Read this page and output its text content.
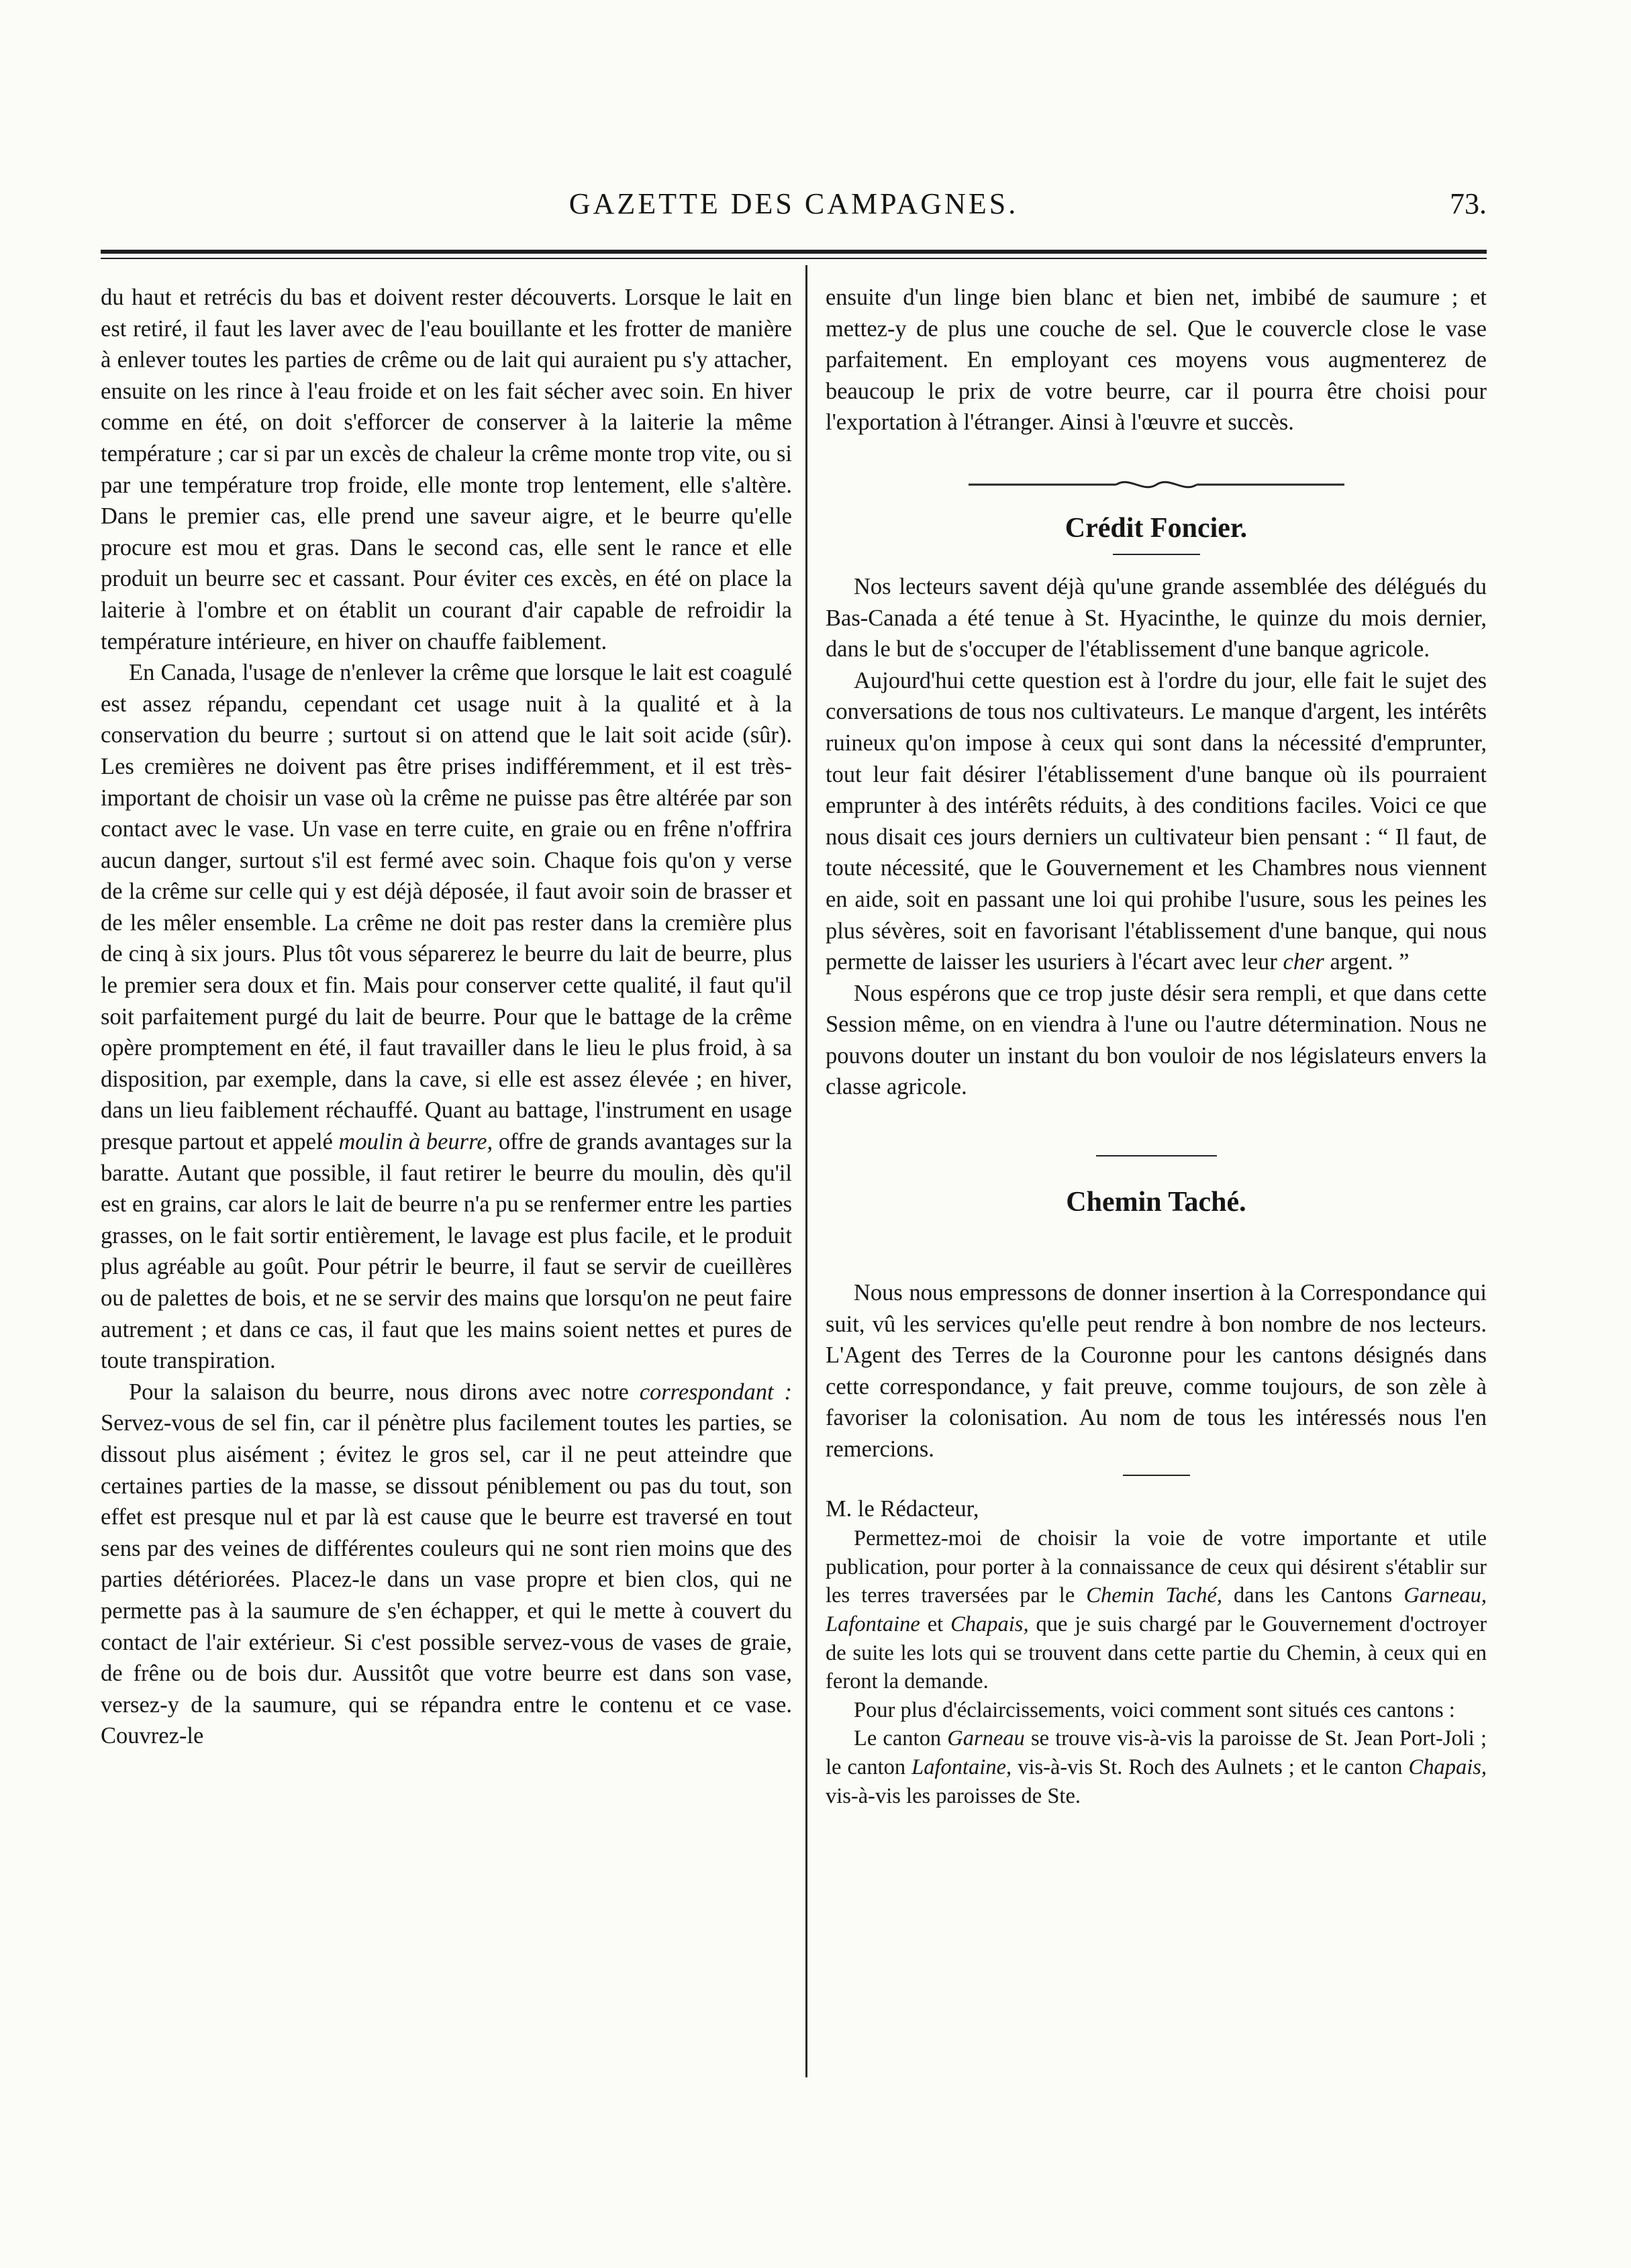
GAZETTE DES CAMPAGNES.	73.

du haut et retrécis du bas et doivent rester découverts. Lorsque le lait en est retiré, il faut les laver avec de l'eau bouillante et les frotter de manière à enlever toutes les parties de crême ou de lait qui auraient pu s'y attacher, ensuite on les rince à l'eau froide et on les fait sécher avec soin. En hiver comme en été, on doit s'efforcer de conserver à la laiterie la même température ; car si par un excès de chaleur la crême monte trop vite, ou si par une température trop froide, elle monte trop lentement, elle s'altère. Dans le premier cas, elle prend une saveur aigre, et le beurre qu'elle procure est mou et gras. Dans le second cas, elle sent le rance et elle produit un beurre sec et cassant. Pour éviter ces excès, en été on place la laiterie à l'ombre et on établit un courant d'air capable de refroidir la température intérieure, en hiver on chauffe faiblement.

En Canada, l'usage de n'enlever la crême que lorsque le lait est coagulé est assez répandu, cependant cet usage nuit à la qualité et à la conservation du beurre ; surtout si on attend que le lait soit acide (sûr). Les cremières ne doivent pas être prises indifféremment, et il est très-important de choisir un vase où la crême ne puisse pas être altérée par son contact avec le vase. Un vase en terre cuite, en graie ou en frêne n'offrira aucun danger, surtout s'il est fermé avec soin. Chaque fois qu'on y verse de la crême sur celle qui y est déjà déposée, il faut avoir soin de brasser et de les mêler ensemble. La crême ne doit pas rester dans la cremière plus de cinq à six jours. Plus tôt vous séparerez le beurre du lait de beurre, plus le premier sera doux et fin. Mais pour conserver cette qualité, il faut qu'il soit parfaitement purgé du lait de beurre. Pour que le battage de la crême opère promptement en été, il faut travailler dans le lieu le plus froid, à sa disposition, par exemple, dans la cave, si elle est assez élevée ; en hiver, dans un lieu faiblement réchauffé. Quant au battage, l'instrument en usage presque partout et appelé moulin à beurre, offre de grands avantages sur la baratte. Autant que possible, il faut retirer le beurre du moulin, dès qu'il est en grains, car alors le lait de beurre n'a pu se renfermer entre les parties grasses, on le fait sortir entièrement, le lavage est plus facile, et le produit plus agréable au goût. Pour pétrir le beurre, il faut se servir de cueillères ou de palettes de bois, et ne se servir des mains que lorsqu'on ne peut faire autrement ; et dans ce cas, il faut que les mains soient nettes et pures de toute transpiration.

Pour la salaison du beurre, nous dirons avec notre correspondant : Servez-vous de sel fin, car il pénètre plus facilement toutes les parties, se dissout plus aisément ; évitez le gros sel, car il ne peut atteindre que certaines parties de la masse, se dissout péniblement ou pas du tout, son effet est presque nul et par là est cause que le beurre est traversé en tout sens par des veines de différentes couleurs qui ne sont rien moins que des parties détériorées. Placez-le dans un vase propre et bien clos, qui ne permette pas à la saumure de s'en échapper, et qui le mette à couvert du contact de l'air extérieur. Si c'est possible servez-vous de vases de graie, de frêne ou de bois dur. Aussitôt que votre beurre est dans son vase, versez-y de la saumure, qui se répandra entre le contenu et ce vase. Couvrez-le

ensuite d'un linge bien blanc et bien net, imbibé de saumure ; et mettez-y de plus une couche de sel. Que le couvercle close le vase parfaitement. En employant ces moyens vous augmenterez de beaucoup le prix de votre beurre, car il pourra être choisi pour l'exportation à l'étranger. Ainsi à l'œuvre et succès.

Crédit Foncier.

Nos lecteurs savent déjà qu'une grande assemblée des délégués du Bas-Canada a été tenue à St. Hyacinthe, le quinze du mois dernier, dans le but de s'occuper de l'établissement d'une banque agricole.

Aujourd'hui cette question est à l'ordre du jour, elle fait le sujet des conversations de tous nos cultivateurs. Le manque d'argent, les intérêts ruineux qu'on impose à ceux qui sont dans la nécessité d'emprunter, tout leur fait désirer l'établissement d'une banque où ils pourraient emprunter à des intérêts réduits, à des conditions faciles. Voici ce que nous disait ces jours derniers un cultivateur bien pensant : “ Il faut, de toute nécessité, que le Gouvernement et les Chambres nous viennent en aide, soit en passant une loi qui prohibe l'usure, sous les peines les plus sévères, soit en favorisant l'établissement d'une banque, qui nous permette de laisser les usuriers à l'écart avec leur cher argent. ”

Nous espérons que ce trop juste désir sera rempli, et que dans cette Session même, on en viendra à l'une ou l'autre détermination. Nous ne pouvons douter un instant du bon vouloir de nos législateurs envers la classe agricole.

Chemin Taché.

Nous nous empressons de donner insertion à la Correspondance qui suit, vû les services qu'elle peut rendre à bon nombre de nos lecteurs. L'Agent des Terres de la Couronne pour les cantons désignés dans cette correspondance, y fait preuve, comme toujours, de son zèle à favoriser la colonisation. Au nom de tous les intéressés nous l'en remercions.

M. le Rédacteur,

Permettez-moi de choisir la voie de votre importante et utile publication, pour porter à la connaissance de ceux qui désirent s'établir sur les terres traversées par le Chemin Taché, dans les Cantons Garneau, Lafontaine et Chapais, que je suis chargé par le Gouvernement d'octroyer de suite les lots qui se trouvent dans cette partie du Chemin, à ceux qui en feront la demande.

Pour plus d'éclaircissements, voici comment sont situés ces cantons :

Le canton Garneau se trouve vis-à-vis la paroisse de St. Jean Port-Joli ; le canton Lafontaine, vis-à-vis St. Roch des Aulnets ; et le canton Chapais, vis-à-vis les paroisses de Ste.
